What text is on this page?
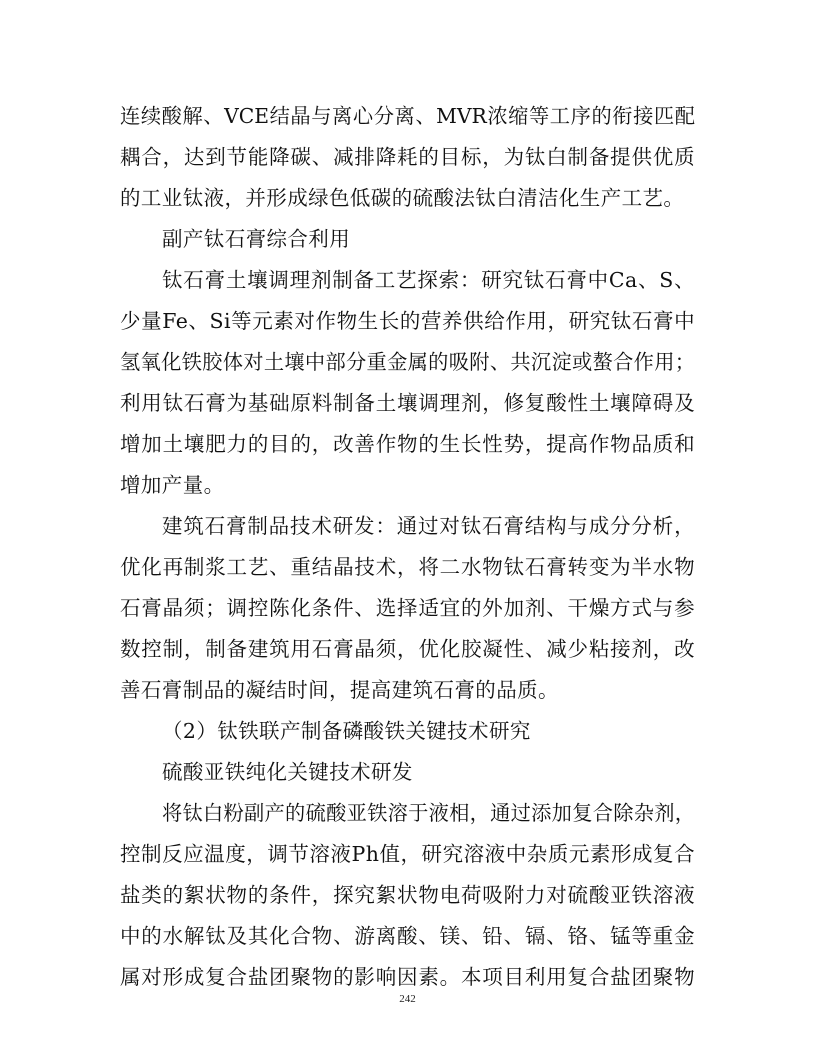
连续酸解、VCE结晶与离心分离、MVR浓缩等工序的衔接匹配
耦合，达到节能降碳、减排降耗的目标，为钛白制备提供优质
的工业钛液，并形成绿色低碳的硫酸法钛白清洁化生产工艺。
副产钛石膏综合利用
钛石膏土壤调理剂制备工艺探索：研究钛石膏中Ca、S、
少量Fe、Si等元素对作物生长的营养供给作用，研究钛石膏中
氢氧化铁胶体对土壤中部分重金属的吸附、共沉淀或螯合作用；
利用钛石膏为基础原料制备土壤调理剂，修复酸性土壤障碍及
增加土壤肥力的目的，改善作物的生长性势，提高作物品质和
增加产量。
建筑石膏制品技术研发：通过对钛石膏结构与成分分析，
优化再制浆工艺、重结晶技术，将二水物钛石膏转变为半水物
石膏晶须；调控陈化条件、选择适宜的外加剂、干燥方式与参
数控制，制备建筑用石膏晶须，优化胶凝性、减少粘接剂，改
善石膏制品的凝结时间，提高建筑石膏的品质。
（2）钛铁联产制备磷酸铁关键技术研究
硫酸亚铁纯化关键技术研发
将钛白粉副产的硫酸亚铁溶于液相，通过添加复合除杂剂，
控制反应温度，调节溶液Ph值，研究溶液中杂质元素形成复合
盐类的絮状物的条件，探究絮状物电荷吸附力对硫酸亚铁溶液
中的水解钛及其化合物、游离酸、镁、铅、镉、铬、锰等重金
属对形成复合盐团聚物的影响因素。本项目利用复合盐团聚物
242
